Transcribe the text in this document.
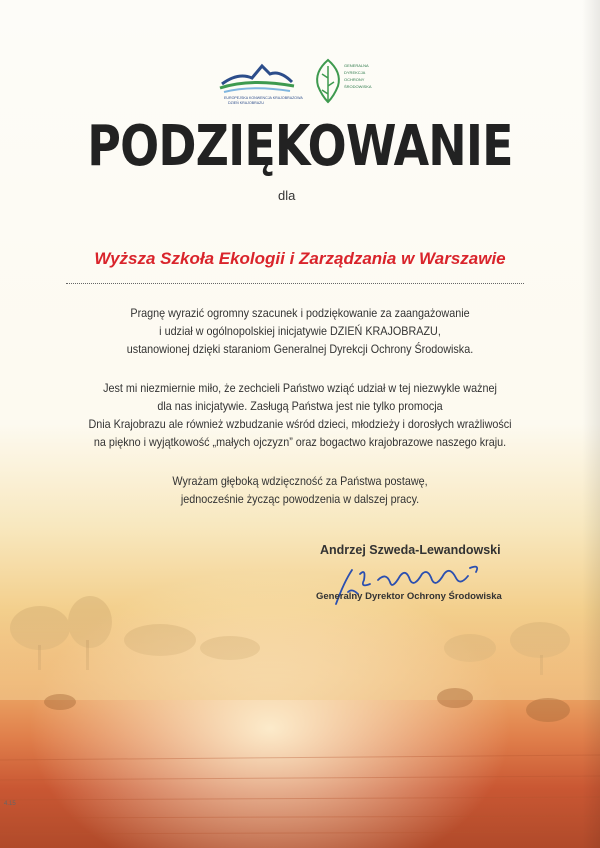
EUROPEJSKA KONWENCJA KRAJOBRAZOWA
DZIEŃ KRAJOBRAZU
GENERALNA
DYREKCJA
OCHRONY
ŚRODOWISKA
PODZIĘKOWANIE
dla
Wyższa Szkoła Ekologii i Zarządzania w Warszawie
Pragnę wyrazić ogromny szacunek i podziękowanie za zaangażowanie
i udział w ogólnopolskiej inicjatywie DZIEŃ KRAJOBRAZU,
ustanowionej dzięki staraniom Generalnej Dyrekcji Ochrony Środowiska.
Jest mi niezmiernie miło, że zechcieli Państwo wziąć udział w tej niezwykle ważnej
dla nas inicjatywie. Zasługą Państwa jest nie tylko promocja
Dnia Krajobrazu ale również wzbudzanie wśród dzieci, młodzieży i dorosłych wrażliwości
na piękno i wyjątkowość „małych ojczyzn” oraz bogactwo krajobrazowe naszego kraju.
Wyrażam głęboką wdzięczność za Państwa postawę,
jednocześnie życząc powodzenia w dalszej pracy.
Andrzej Szweda-Lewandowski
Generalny Dyrektor Ochrony Środowiska
4.15
